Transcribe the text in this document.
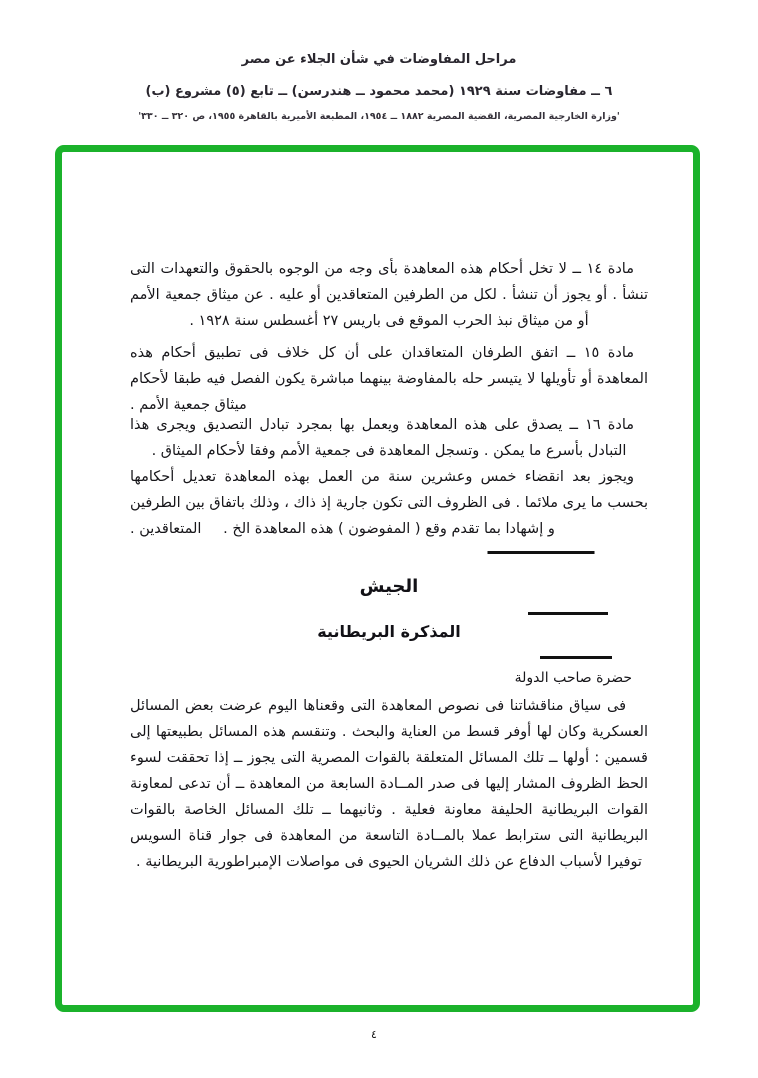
مراحل المفاوضات في شأن الجلاء عن مصر
٦ ــ مفاوضات سنة ١٩٢٩ (محمد محمود ــ هندرسن) ــ تابع (٥) مشروع (ب)
'وزارة الخارجية المصرية، القضية المصرية ١٨٨٢ ــ ١٩٥٤، المطبعة الأميرية بالقاهرة ١٩٥٥، ص ٣٢٠ ــ ٣٣٠'

مادة ١٤ ــ لا تخل أحكام هذه المعاهدة بأى وجه من الوجوه بالحقوق والتعهدات التى تنشأ . أو يجوز أن تنشأ . لكل من الطرفين المتعاقدين أو عليه . عن ميثاق جمعية الأمم أو من ميثاق نبذ الحرب الموقع فى باريس ٢٧ أغسطس سنة ١٩٢٨ .

مادة ١٥ ــ اتفق الطرفان المتعاقدان على أن كل خلاف فى تطبيق أحكام هذه المعاهدة أو تأويلها لا يتيسر حله بالمفاوضة بينهما مباشرة يكون الفصل فيه طبقا لأحكام ميثاق جمعية الأمم .

مادة ١٦ ــ يصدق على هذه المعاهدة ويعمل بها بمجرد تبادل التصديق ويجرى هذا التبادل بأسرع ما يمكن . وتسجل المعاهدة فى جمعية الأمم وفقا لأحكام الميثاق .

ويجوز بعد انقضاء خمس وعشرين سنة من العمل بهذه المعاهدة تعديل أحكامها بحسب ما يرى ملائما . فى الظروف التى تكون جارية إذ ذاك ، وذلك باتفاق بين الطرفين المتعاقدين .	و إشهادا بما تقدم وقع ( المفوضون ) هذه المعاهدة الخ .

الجيش

المذكرة البريطانية

حضرة صاحب الدولة

فى سياق مناقشاتنا فى نصوص المعاهدة التى وقعناها اليوم عرضت بعض المسائل العسكرية وكان لها أوفر قسط من العناية والبحث . وتنقسم هذه المسائل بطبيعتها إلى قسمين : أولها ــ تلك المسائل المتعلقة بالقوات المصرية التى يجوز ــ إذا تحققت لسوء الحظ الظروف المشار إليها فى صدر المــادة السابعة من المعاهدة ــ أن تدعى لمعاونة القوات البريطانية الحليفة معاونة فعلية . وثانيهما ــ تلك المسائل الخاصة بالقوات البريطانية التى سترابط عملا بالمــادة التاسعة من المعاهدة فى جوار قناة السويس توفيرا لأسباب الدفاع عن ذلك الشريان الحيوى فى مواصلات الإمبراطورية البريطانية .

٤
